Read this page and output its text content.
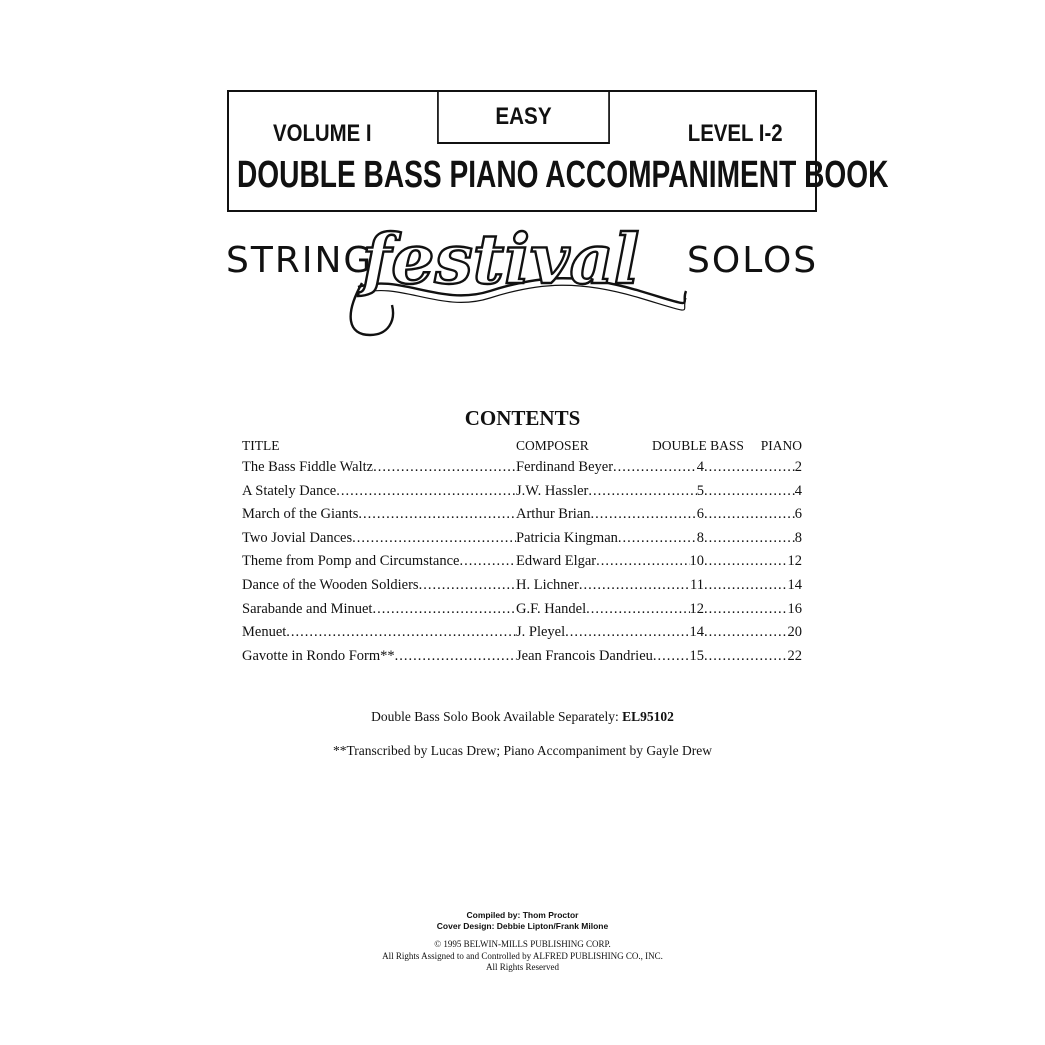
EASY
VOLUME I	LEVEL I-2
DOUBLE BASS PIANO ACCOMPANIMENT BOOK
STRING
festival SOLOS
CONTENTS
TITLE	COMPOSER	DOUBLE BASS PIANO
The Bass Fiddle Waltz .....	Ferdinand Beyer .....	4 .....	2
A Stately Dance .....	J.W. Hassler .....	5 .....	4
March of the Giants .....	Arthur Brian .....	6 .....	6
Two Jovial Dances .....	Patricia Kingman .....	8 .....	8
Theme from Pomp and Circumstance .....	Edward Elgar .....	10 .....	12
Dance of the Wooden Soldiers .....	H. Lichner .....	11 .....	14
Sarabande and Minuet .....	G.F. Handel .....	12 .....	16
Menuet .....	J. Pleyel .....	14 .....	20
Gavotte in Rondo Form** .....	Jean Francois Dandrieu .....	15 .....	22
Double Bass Solo Book Available Separately: EL95102
**Transcribed by Lucas Drew; Piano Accompaniment by Gayle Drew
Compiled by: Thom Proctor
Cover Design: Debbie Lipton/Frank Milone
© 1995 BELWIN-MILLS PUBLISHING CORP.
All Rights Assigned to and Controlled by ALFRED PUBLISHING CO., INC.
All Rights Reserved
